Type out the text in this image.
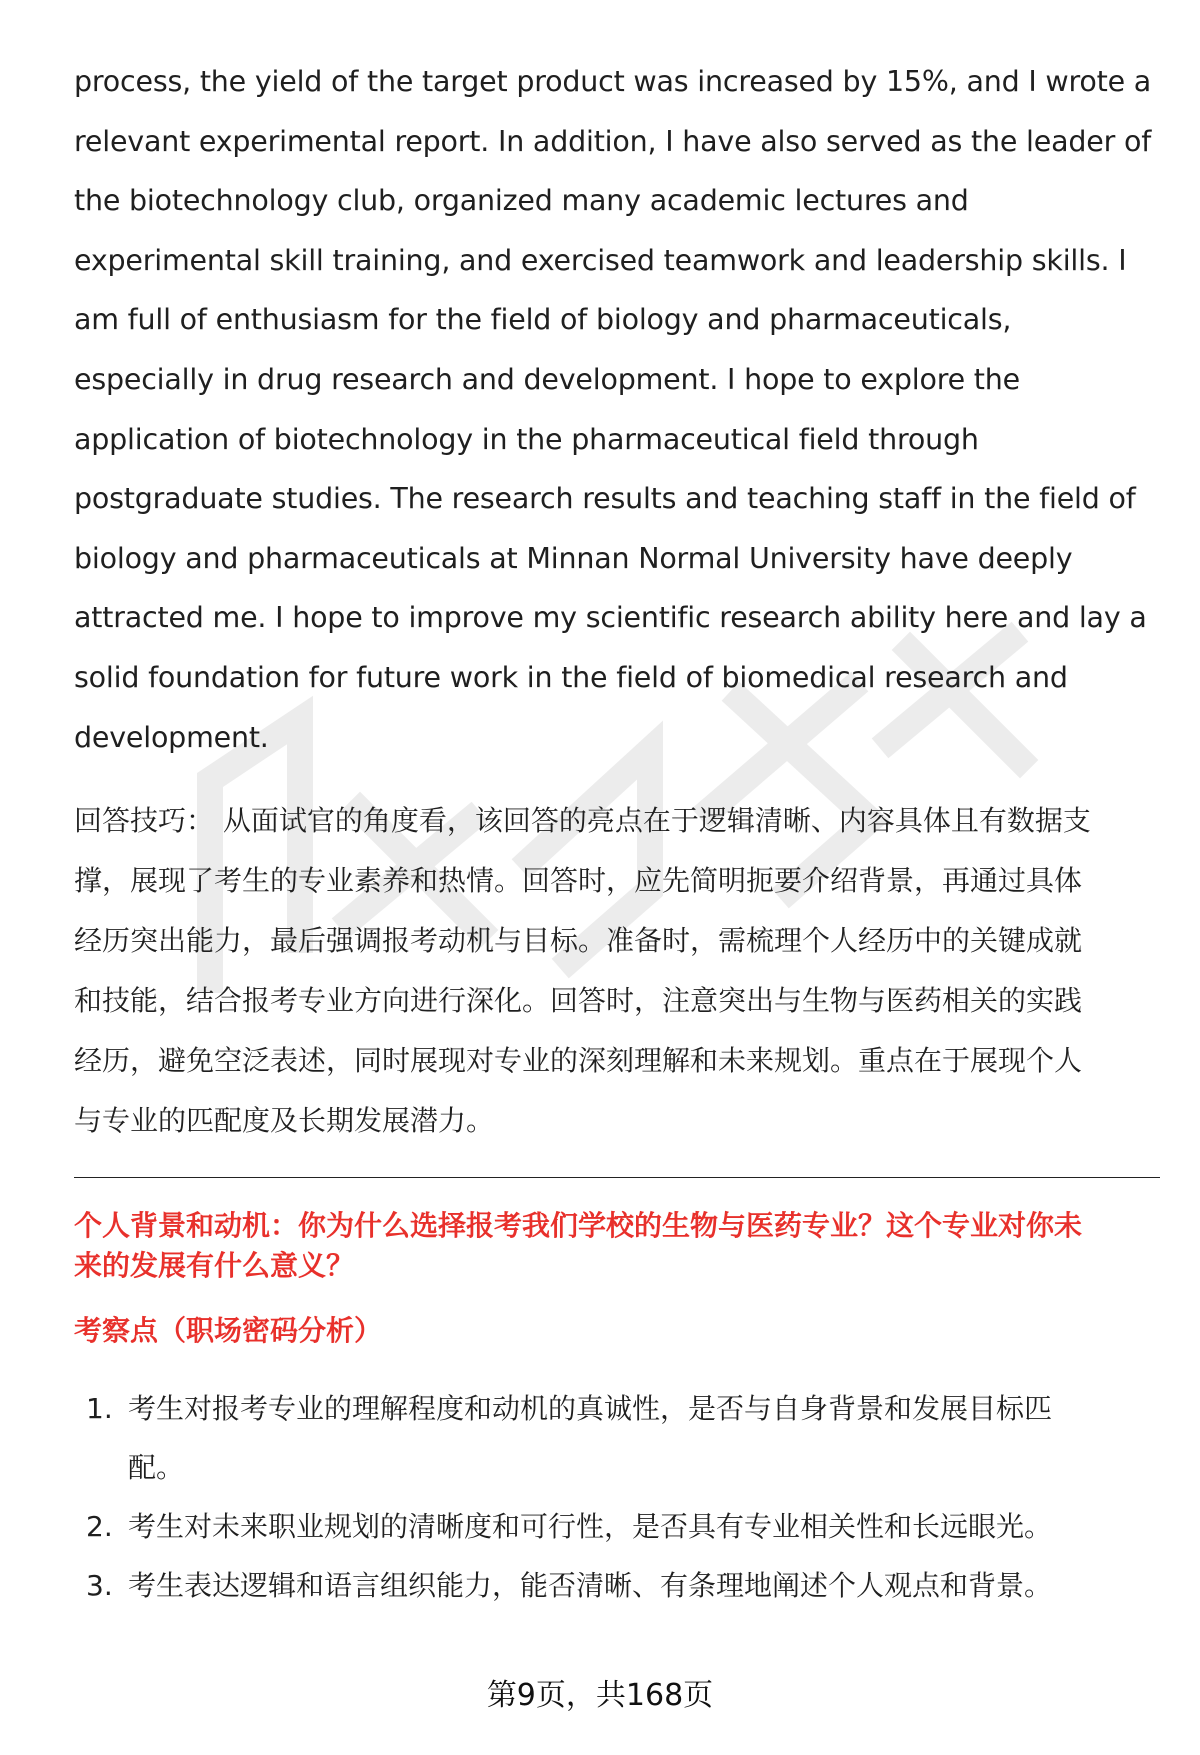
process, the yield of the target product was increased by 15%, and I wrote a
relevant experimental report. In addition, I have also served as the leader of
the biotechnology club, organized many academic lectures and
experimental skill training, and exercised teamwork and leadership skills. I
am full of enthusiasm for the field of biology and pharmaceuticals,
especially in drug research and development. I hope to explore the
application of biotechnology in the pharmaceutical field through
postgraduate studies. The research results and teaching staff in the field of
biology and pharmaceuticals at Minnan Normal University have deeply
attracted me. I hope to improve my scientific research ability here and lay a
solid foundation for future work in the field of biomedical research and
development.

回答技巧： 从面试官的角度看，该回答的亮点在于逻辑清晰、内容具体且有数据支
撑，展现了考生的专业素养和热情。回答时，应先简明扼要介绍背景，再通过具体
经历突出能力，最后强调报考动机与目标。准备时，需梳理个人经历中的关键成就
和技能，结合报考专业方向进行深化。回答时，注意突出与生物与医药相关的实践
经历，避免空泛表述，同时展现对专业的深刻理解和未来规划。重点在于展现个人
与专业的匹配度及长期发展潜力。
个人背景和动机：你为什么选择报考我们学校的生物与医药专业？这个专业对你未
来的发展有什么意义？
考察点（职场密码分析）
1. 考生对报考专业的理解程度和动机的真诚性，是否与自身背景和发展目标匹
配。
2. 考生对未来职业规划的清晰度和可行性，是否具有专业相关性和长远眼光。
3. 考生表达逻辑和语言组织能力，能否清晰、有条理地阐述个人观点和背景。
第9页，共168页
